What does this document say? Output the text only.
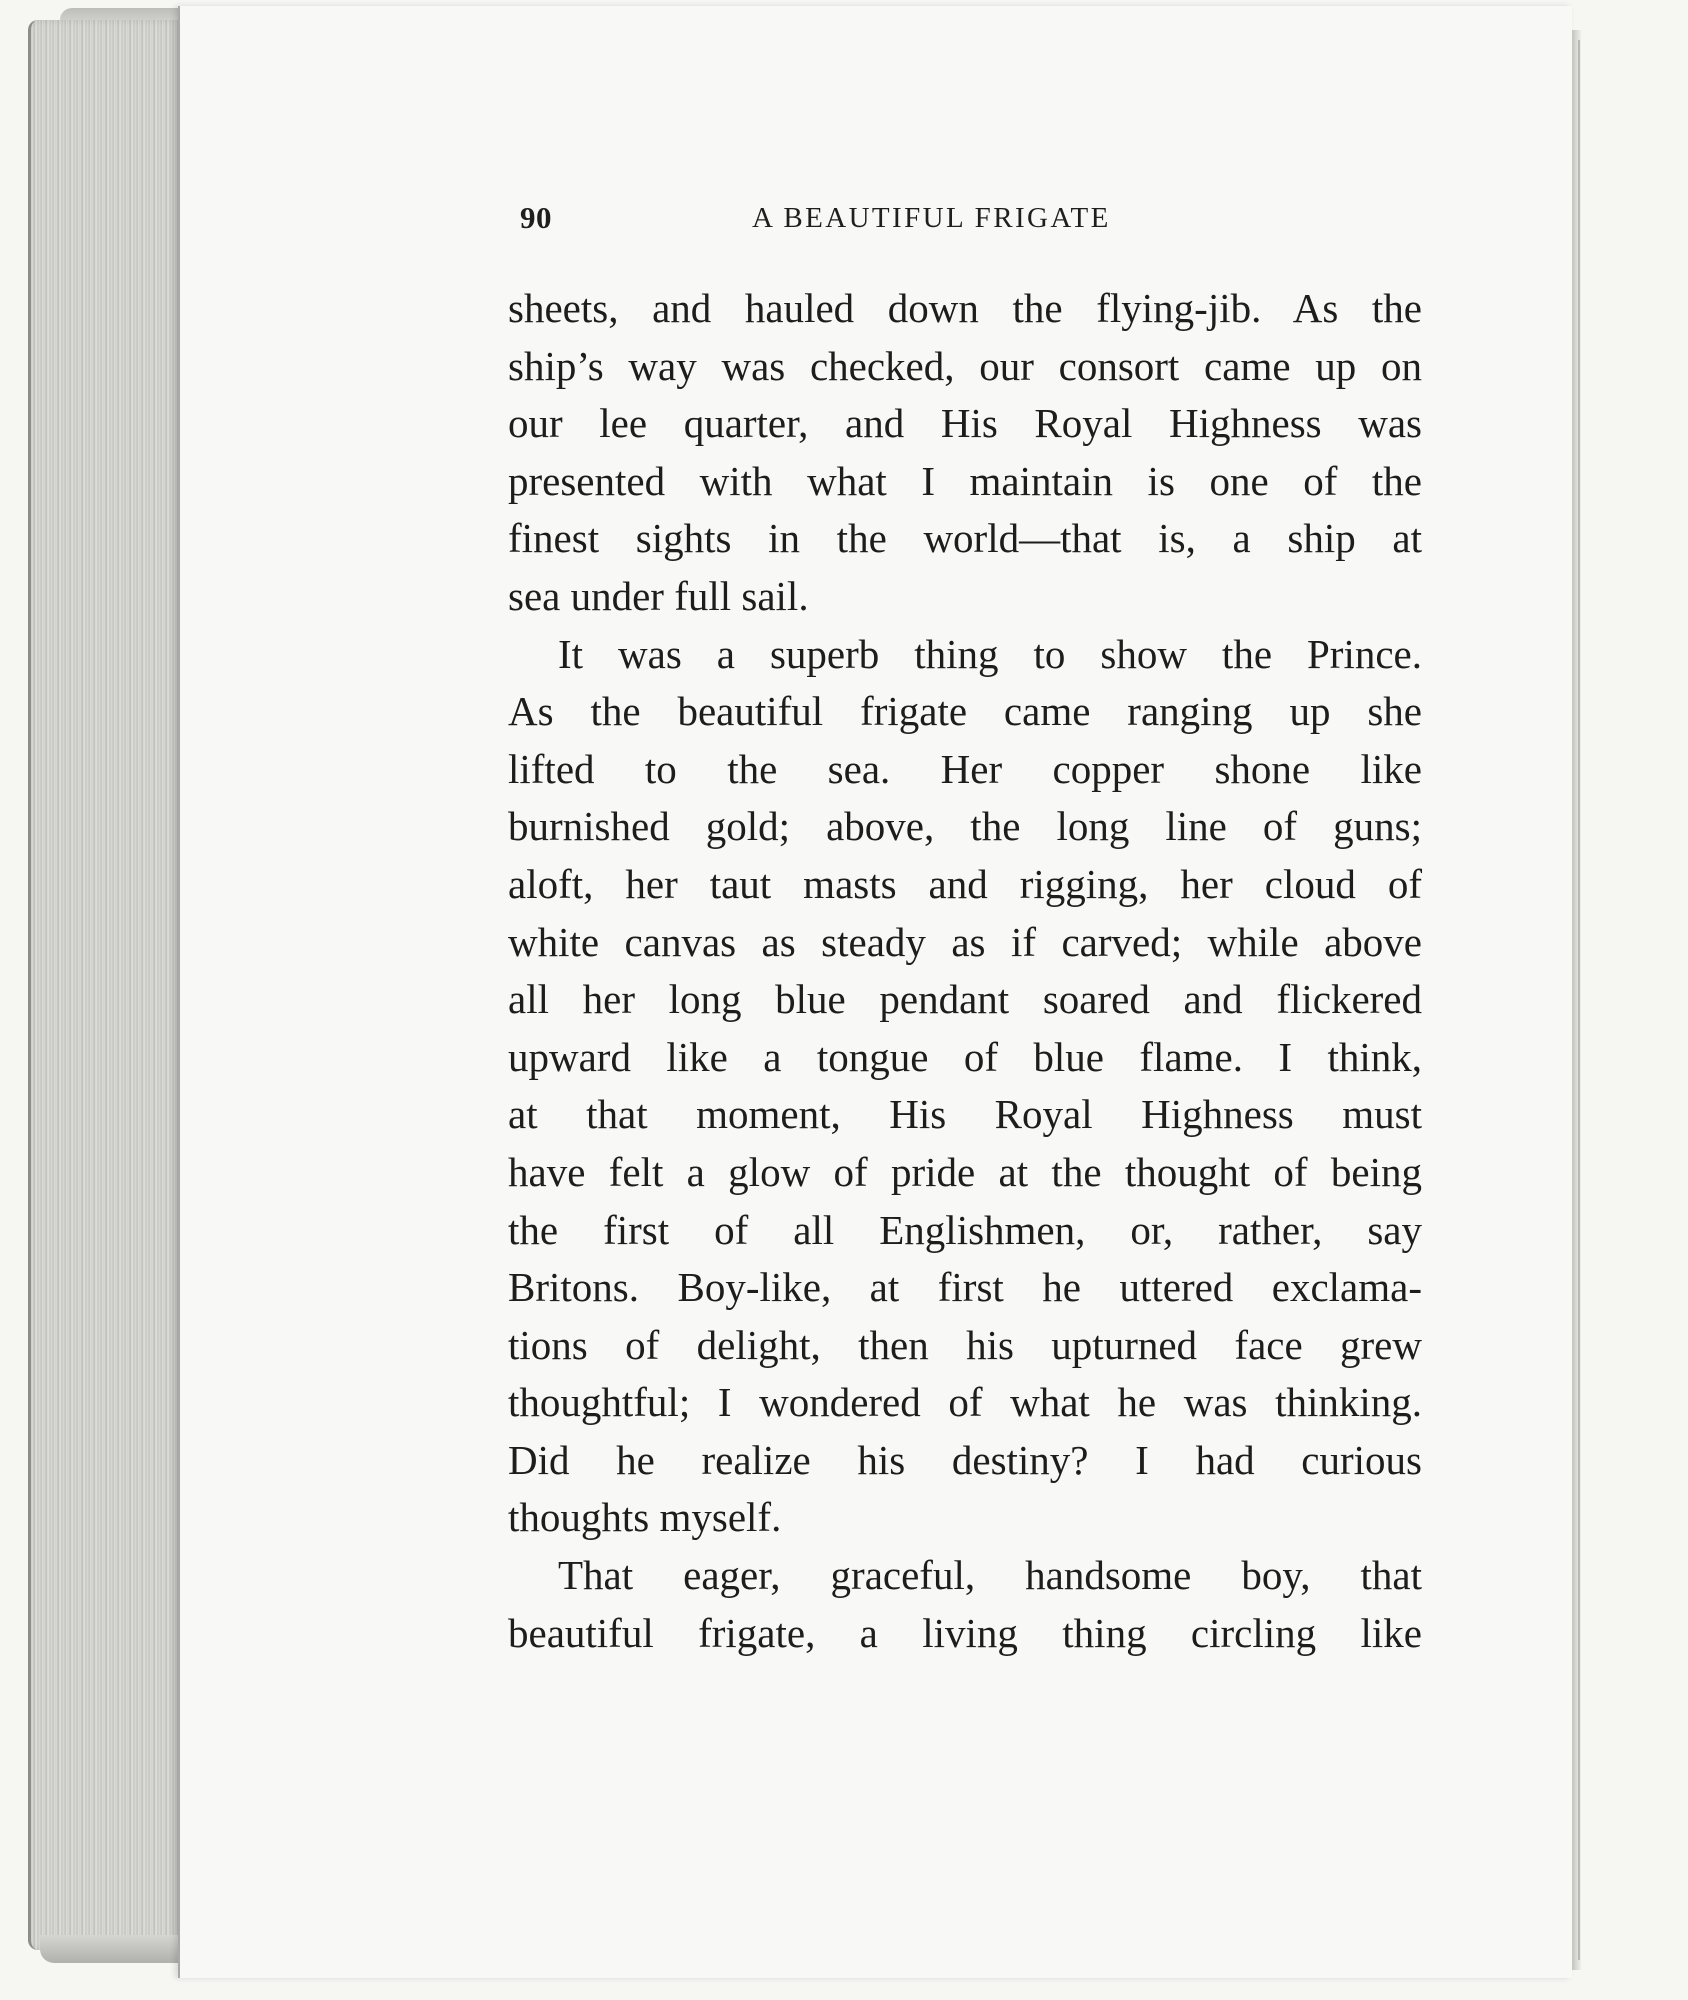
90	A BEAUTIFUL FRIGATE

sheets, and hauled down the flying-jib. As the
ship’s way was checked, our consort came up on
our lee quarter, and His Royal Highness was
presented with what I maintain is one of the
finest sights in the world—that is, a ship at
sea under full sail.

It was a superb thing to show the Prince.
As the beautiful frigate came ranging up she
lifted to the sea. Her copper shone like
burnished gold; above, the long line of guns;
aloft, her taut masts and rigging, her cloud of
white canvas as steady as if carved; while above
all her long blue pendant soared and flickered
upward like a tongue of blue flame. I think,
at that moment, His Royal Highness must
have felt a glow of pride at the thought of being
the first of all Englishmen, or, rather, say
Britons. Boy-like, at first he uttered exclama-
tions of delight, then his upturned face grew
thoughtful; I wondered of what he was thinking.
Did he realize his destiny? I had curious
thoughts myself.

That eager, graceful, handsome boy, that
beautiful frigate, a living thing circling like
